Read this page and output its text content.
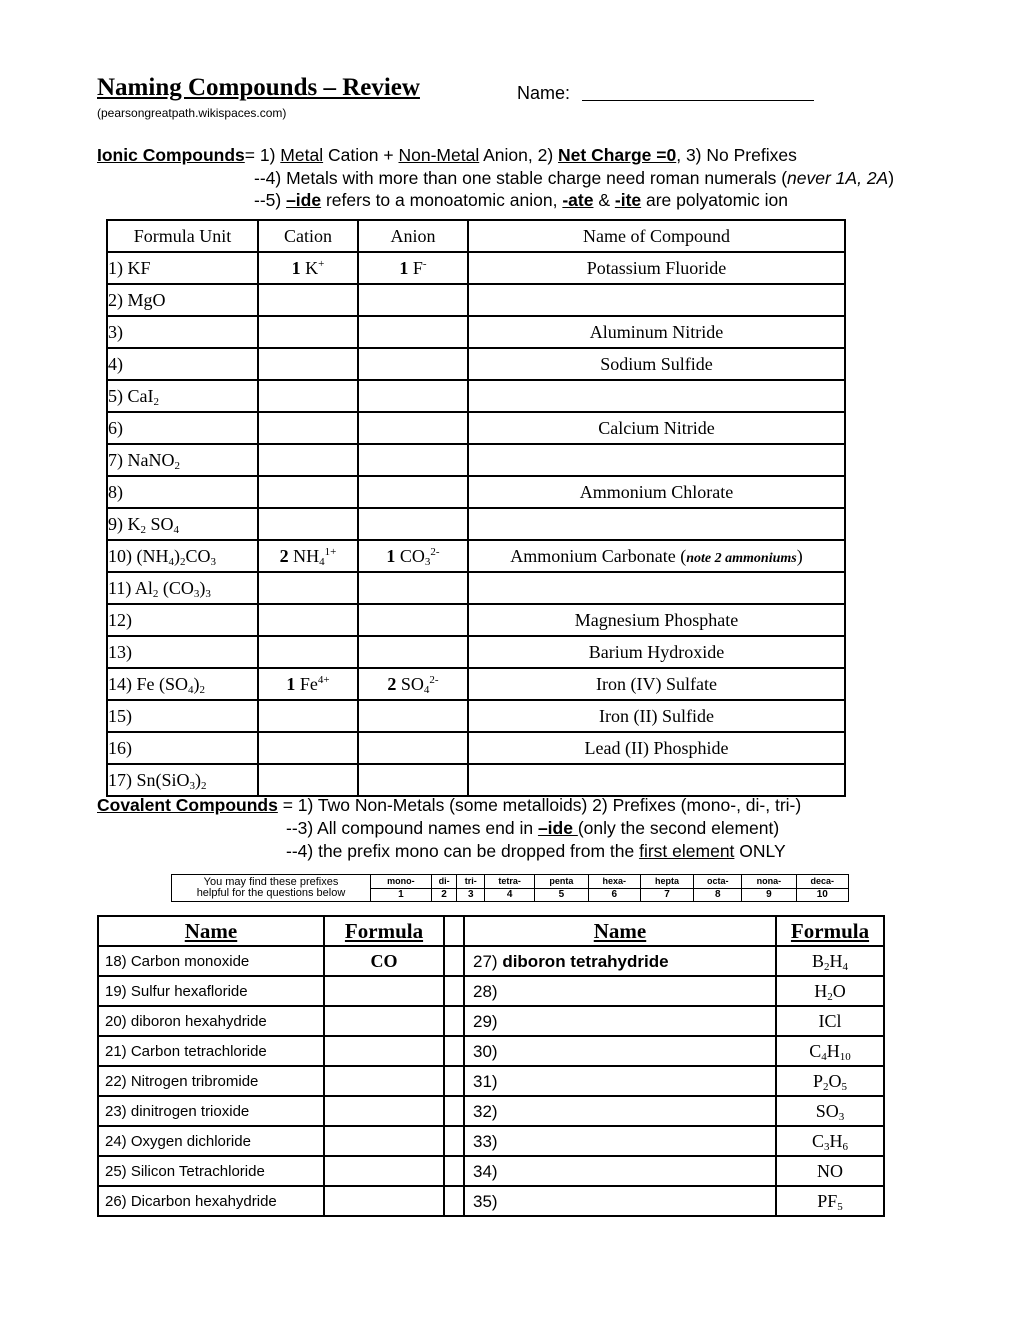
Naming Compounds – Review	Name:
(pearsongreatpath.wikispaces.com)
Ionic Compounds= 1) Metal Cation + Non-Metal Anion, 2) Net Charge =0, 3) No Prefixes
--4) Metals with more than one stable charge need roman numerals (never 1A, 2A)
--5) –ide refers to a monoatomic anion, -ate & -ite are polyatomic ion
Formula Unit	Cation	Anion	Name of Compound
1) KF	1 K+	1 F-	Potassium Fluoride
2) MgO			
3)			Aluminum Nitride
4)			Sodium Sulfide
5) CaI$_2$			
6)			Calcium Nitride
7) NaNO$_2$			
8)			Ammonium Chlorate
9) $K_2$ $SO_4$			
10) $(NH_4)_2CO_3$	2 $NH_4^{1+}$	1 $CO_3^{2-}$	Ammonium Carbonate (note 2 ammoniums)
11) $Al_2$ $(CO_3)_3$			
12)			Magnesium Phosphate
13)			Barium Hydroxide
14) Fe $(SO_4)_2$	1 $Fe^{4+}$	2 $SO_4^{2-}$	Iron (IV) Sulfate
15)			Iron (II) Sulfide
16)			Lead (II) Phosphide
17) $Sn(SiO_3)_2$			
Covalent Compounds = 1) Two Non-Metals (some metalloids) 2) Prefixes (mono-, di-, tri-)
--3) All compound names end in –ide (only the second element)
--4) the prefix mono can be dropped from the first element ONLY
You may find these prefixes
helpful for the questions below	mono-	di-	tri-	tetra-	penta	hexa-	hepta	octa-	nona-	deca-
	1	2	3	4	5	6	7	8	9	10
Name	Formula		Name	Formula
18) Carbon monoxide	CO		27) diboron tetrahydride	$B_2H_4$
19) Sulfur hexafloride			28)	$H_2O$
20) diboron hexahydride			29)	ICl
21) Carbon tetrachloride			30)	$C_4H_{10}$
22) Nitrogen tribromide			31)	$P_2O_5$
23) dinitrogen trioxide			32)	$SO_3$
24) Oxygen dichloride			33)	$C_3H_6$
25) Silicon Tetrachloride			34)	NO
26) Dicarbon hexahydride			35)	$PF_5$
